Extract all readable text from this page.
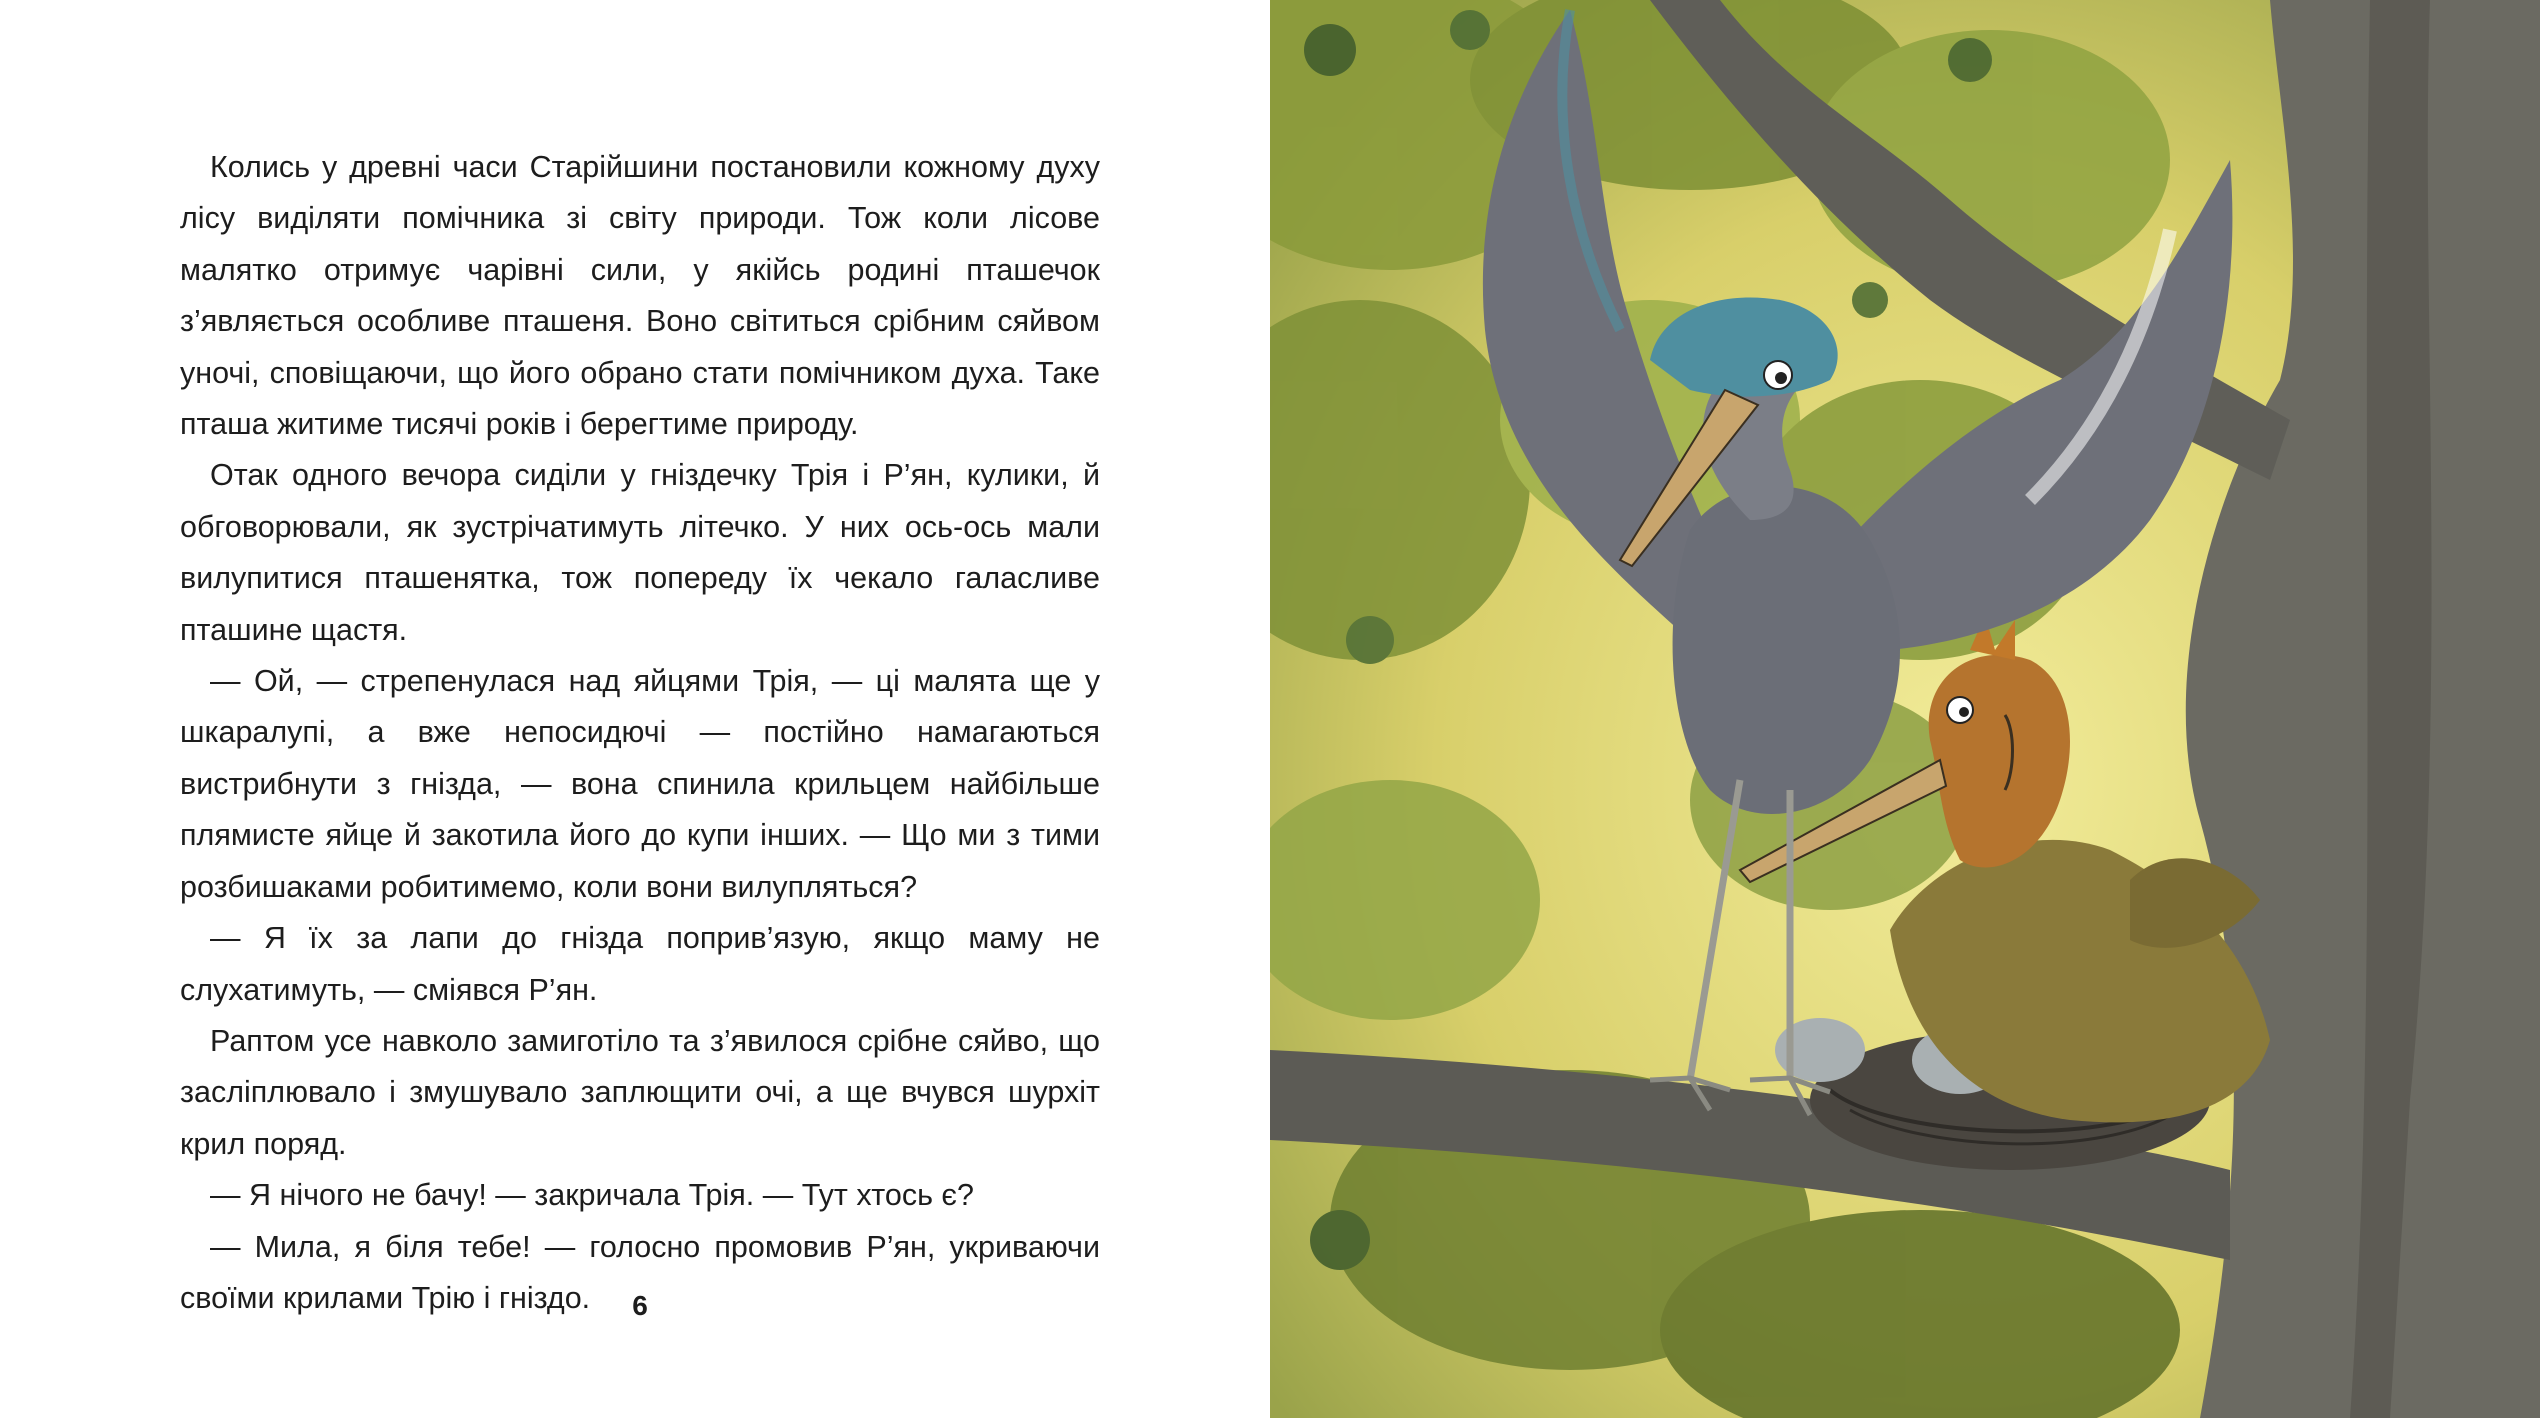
Колись у древні часи Старійшини постановили кожному духу лісу виділяти помічника зі світу природи. Тож коли лісове малятко отримує чарівні сили, у якійсь родині пташечок з’являється особливе пташеня. Воно світиться срібним сяйвом уночі, сповіщаючи, що його обрано стати помічником духа. Таке пташа житиме тисячі років і берегтиме природу.

Отак одного вечора сиділи у гніздечку Трія і Р’ян, кулики, й обговорювали, як зустрічатимуть літечко. У них ось-ось мали вилупитися пташенятка, тож попереду їх чекало галасливе пташине щастя.

— Ой, — стрепенулася над яйцями Трія, — ці малята ще у шкаралупі, а вже непосидючі — постійно намагаються вистрибнути з гнізда, — вона спинила крильцем найбільше плямисте яйце й закотила його до купи інших. — Що ми з тими розбишаками робитимемо, коли вони вилупляться?

— Я їх за лапи до гнізда поприв’язую, якщо маму не слухатимуть, — сміявся Р’ян.

Раптом усе навколо замиготіло та з’явилося срібне сяйво, що засліплювало і змушувало заплющити очі, а ще вчувся шурхіт крил поряд.

— Я нічого не бачу! — закричала Трія. — Тут хтось є?

— Мила, я біля тебе! — голосно промовив Р’ян, укриваючи своїми крилами Трію і гніздо.	6
